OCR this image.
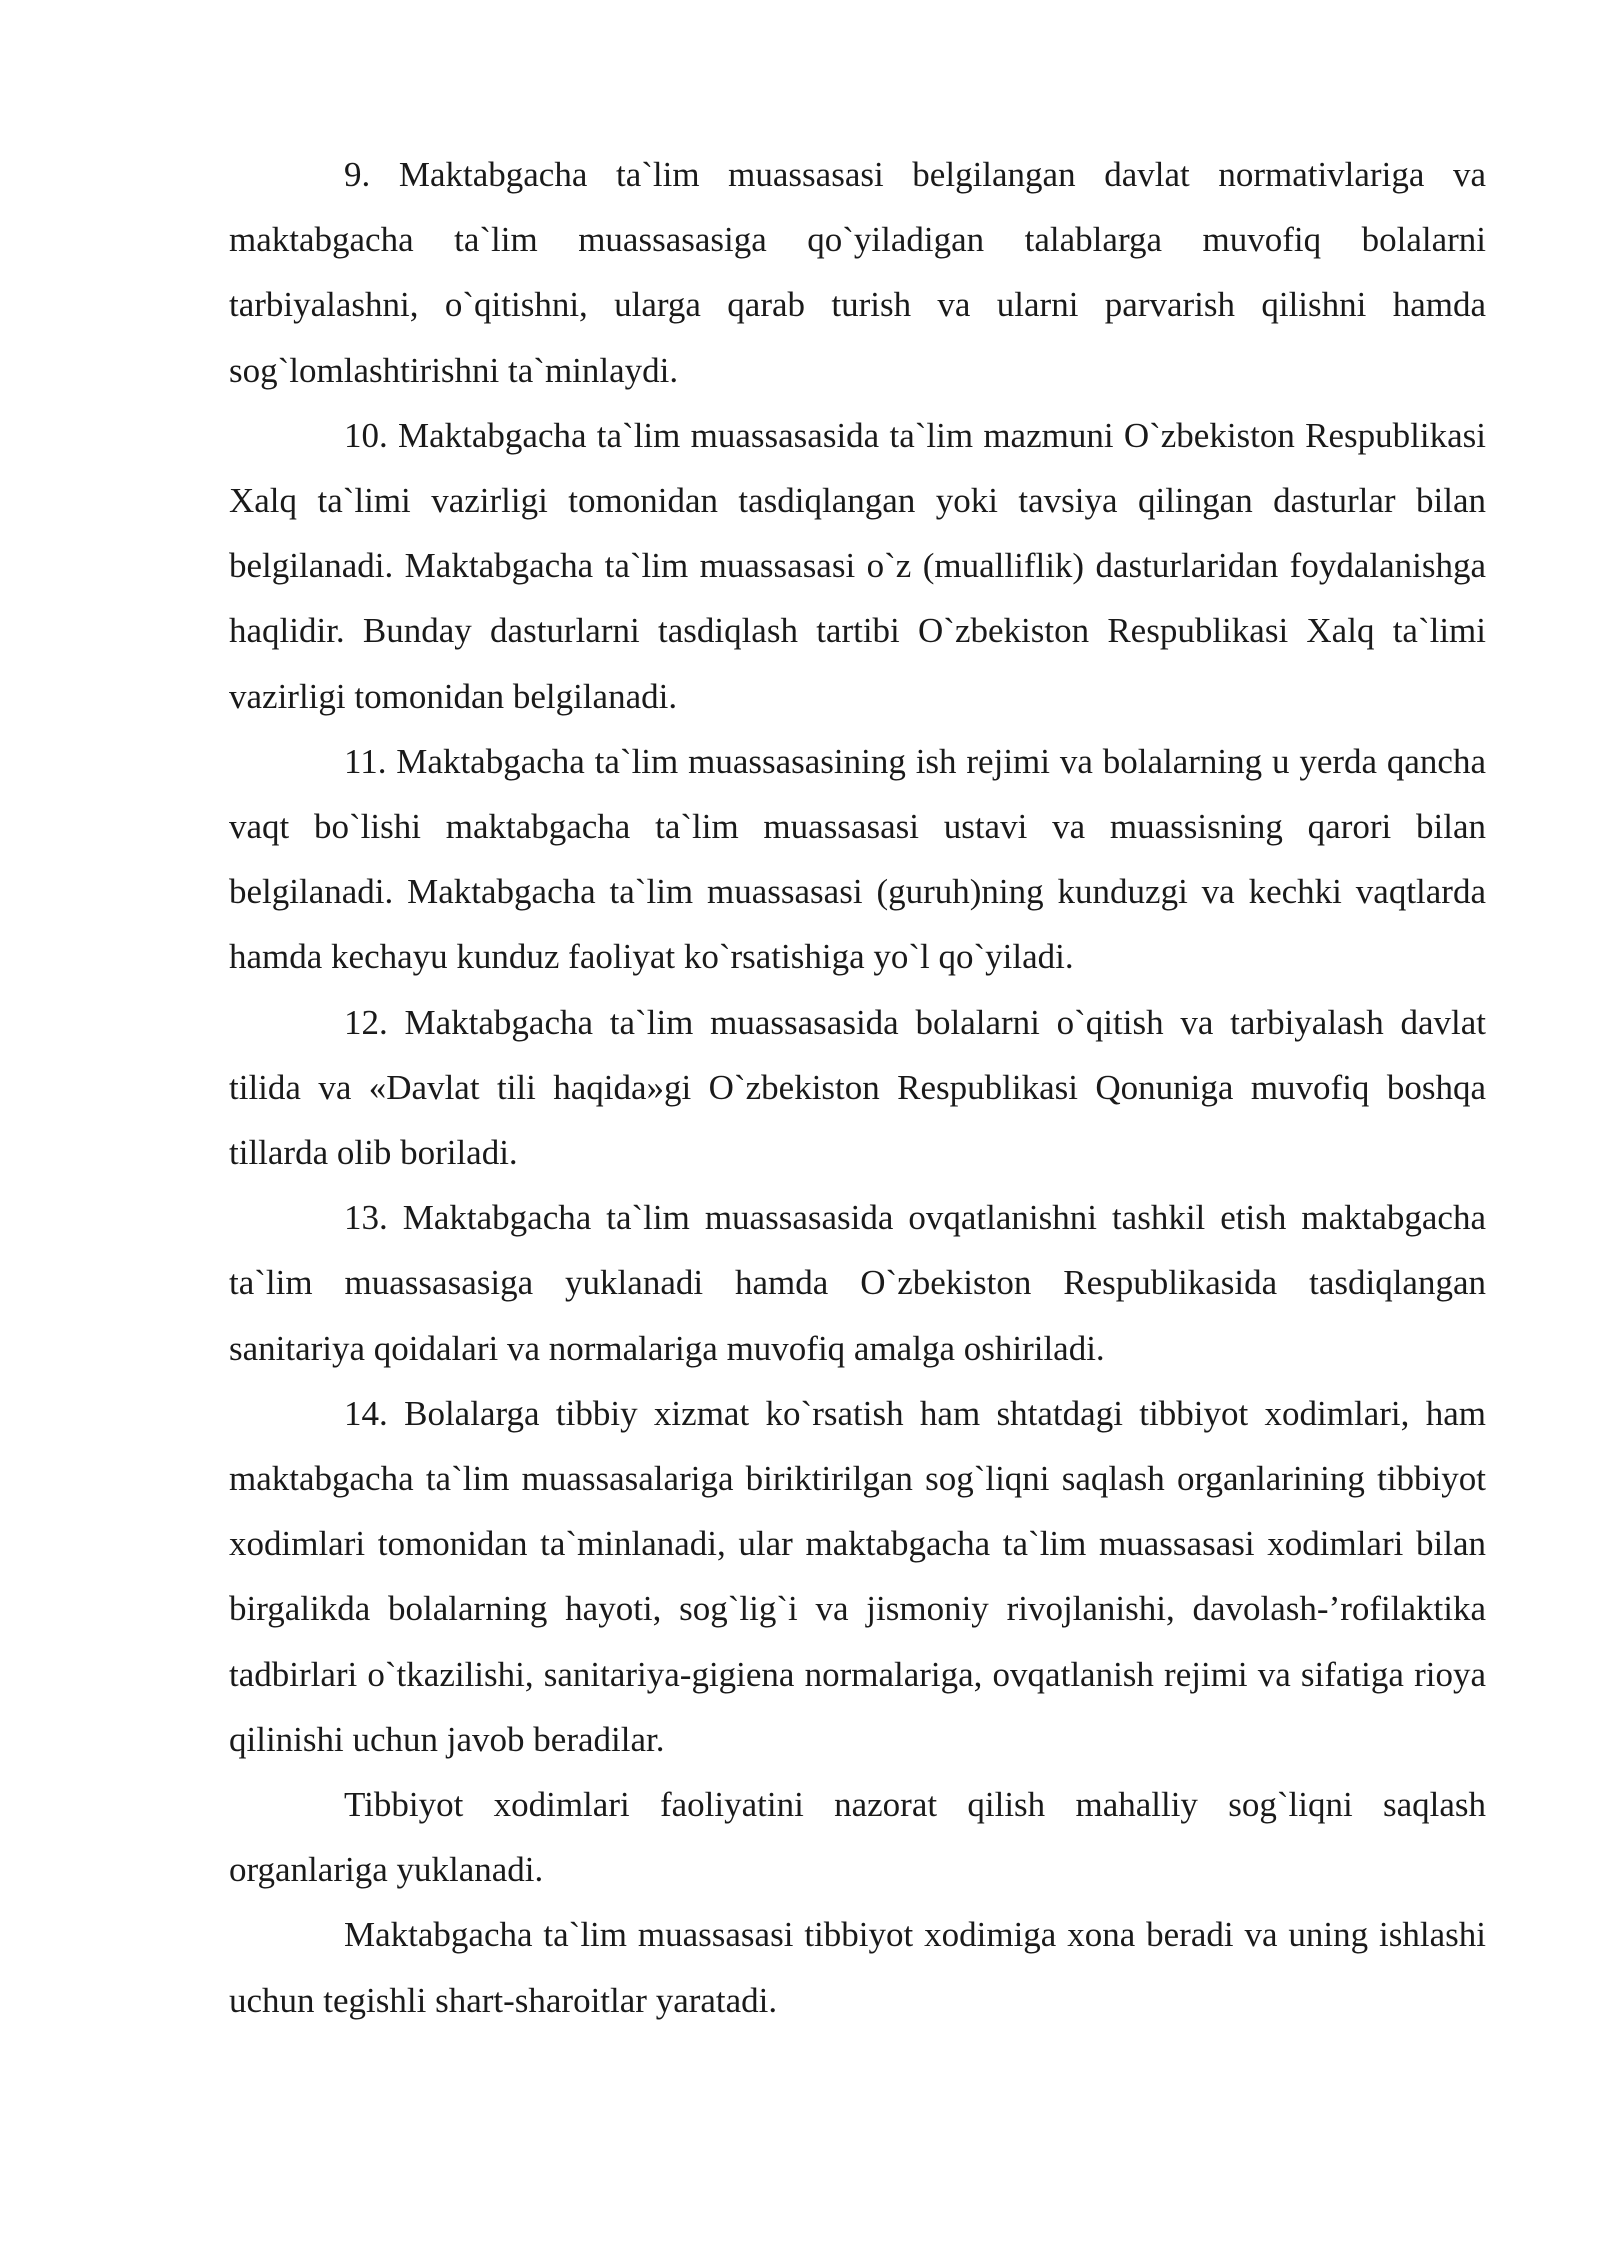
9. Maktabgacha ta`lim muassasasi belgilangan davlat normativlariga va maktabgacha ta`lim muassasasiga qo`yiladigan talablarga muvofiq bolalarni tarbiyalashni, o`qitishni, ularga qarab turish va ularni parvarish qilishni hamda sog`lomlashtirishni ta`minlaydi.

10. Maktabgacha ta`lim muassasasida ta`lim mazmuni O`zbekiston Respublikasi Xalq ta`limi vazirligi tomonidan tasdiqlangan yoki tavsiya qilingan dasturlar bilan belgilanadi. Maktabgacha ta`lim muassasasi o`z (mualliflik) dasturlaridan foydalanishga haqlidir. Bunday dasturlarni tasdiqlash tartibi O`zbekiston Respublikasi Xalq ta`limi vazirligi tomonidan belgilanadi.

11. Maktabgacha ta`lim muassasasining ish rejimi va bolalarning u yerda qancha vaqt bo`lishi maktabgacha ta`lim muassasasi ustavi va muassisning qarori bilan belgilanadi. Maktabgacha ta`lim muassasasi (guruh)ning kunduzgi va kechki vaqtlarda hamda kechayu kunduz faoliyat ko`rsatishiga yo`l qo`yiladi.

12. Maktabgacha ta`lim muassasasida bolalarni o`qitish va tarbiyalash davlat tilida va «Davlat tili haqida»gi O`zbekiston Respublikasi Qonuniga muvofiq boshqa tillarda olib boriladi.

13. Maktabgacha ta`lim muassasasida ovqatlanishni tashkil etish maktabgacha ta`lim muassasasiga yuklanadi hamda O`zbekiston Respublikasida tasdiqlangan sanitariya qoidalari va normalariga muvofiq amalga oshiriladi.

14. Bolalarga tibbiy xizmat ko`rsatish ham shtatdagi tibbiyot xodimlari, ham maktabgacha ta`lim muassasalariga biriktirilgan sog`liqni saqlash organlarining tibbiyot xodimlari tomonidan ta`minlanadi, ular maktabgacha ta`lim muassasasi xodimlari bilan birgalikda bolalarning hayoti, sog`lig`i va jismoniy rivojlanishi, davolash-’rofilaktika tadbirlari o`tkazilishi, sanitariya-gigiena normalariga, ovqatlanish rejimi va sifatiga rioya qilinishi uchun javob beradilar.

Tibbiyot xodimlari faoliyatini nazorat qilish mahalliy sog`liqni saqlash organlariga yuklanadi.

Maktabgacha ta`lim muassasasi tibbiyot xodimiga xona beradi va uning ishlashi uchun tegishli shart-sharoitlar yaratadi.
